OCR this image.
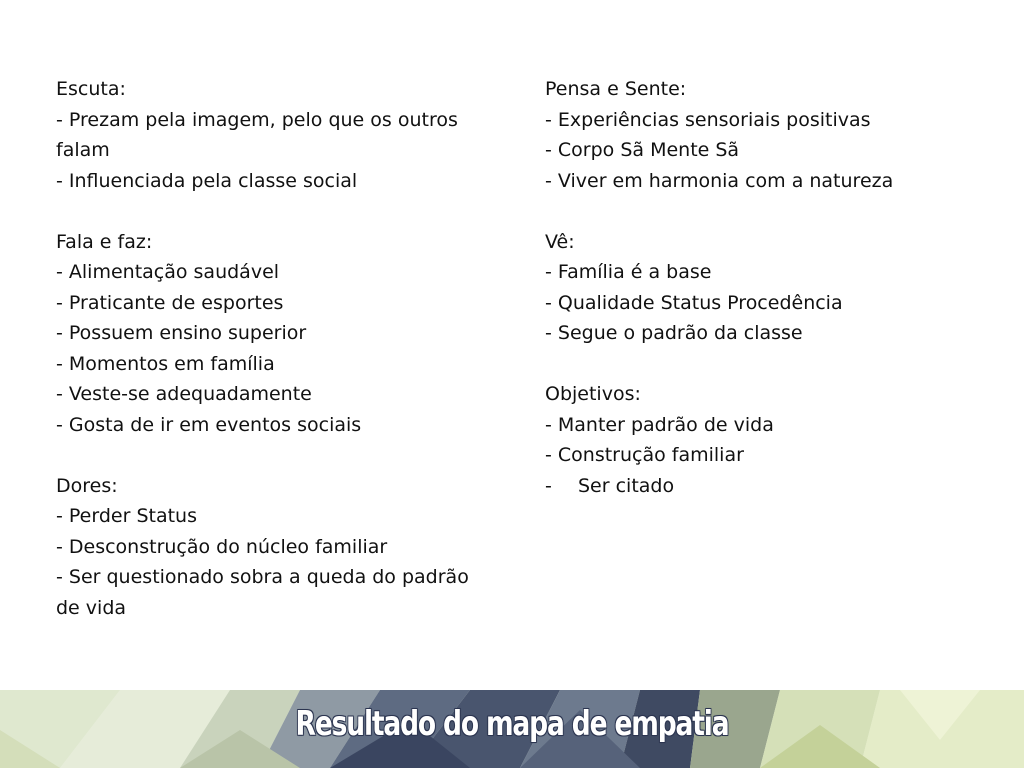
Escuta:
- Prezam pela imagem, pelo que os outros falam
- Influenciada pela classe social
Fala e faz:
- Alimentação saudável
- Praticante de esportes
- Possuem ensino superior
- Momentos em família
- Veste-se adequadamente
- Gosta de ir em eventos sociais
Dores:
- Perder Status
- Desconstrução do núcleo familiar
- Ser questionado sobra a queda do padrão de vida
Pensa e Sente:
- Experiências sensoriais positivas
- Corpo Sã Mente Sã
- Viver em harmonia com a natureza
Vê:
- Família é a base
- Qualidade Status Procedência
- Segue o padrão da classe
Objetivos:
- Manter padrão de vida
- Construção familiar
- Ser citado
Resultado do mapa de empatia
